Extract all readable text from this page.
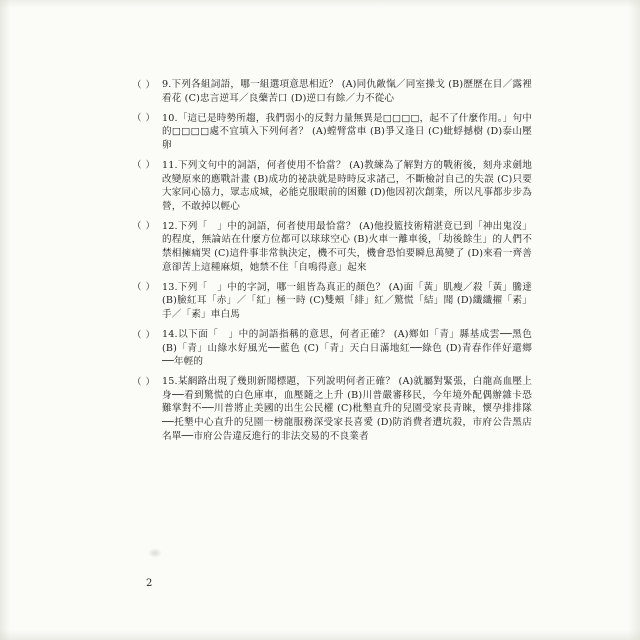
（ ） 9.下列各組詞語，哪一組選項意思相近？ (A)同仇敵愾／同室操戈 (B)歷歷在目／露裡看花 (C)忠言逆耳／良藥苦口 (D)逆口有餘／力不從心
（ ） 10.「這已是時勢所趨，我們弱小的反對力量無異是□□□□，起不了什麼作用。」句中的□□□□處不宜填入下列何者？ (A)螳臂當車 (B)爭又逢日 (C)蚍蜉撼樹 (D)泰山壓卵
（ ） 11.下列文句中的詞語，何者使用不恰當？ (A)教練為了解對方的戰術後，刻舟求劍地改變原來的應戰計畫 (B)成功的祕訣就是時時反求諸己，不斷檢討自己的失誤 (C)只要大家同心協力，眾志成城，必能克服眼前的困難 (D)他因初次創業，所以凡事都步步為營，不敢掉以輕心
（ ） 12.下列「　」中的詞語，何者使用最恰當？ (A)他投籃技術精湛竟已到「神出鬼沒」的程度，無論站在什麼方位都可以球球空心 (B)火車一離車後，「劫後餘生」的人們不禁相擁痛哭 (C)這件事非常執決定，機不可失，機會恐怕要瞬息萬變了 (D)來看一齊善意卻苦上這種麻煩，她禁不住「自鳴得意」起來
（ ） 13.下列「　」中的字詞，哪一組皆為真正的顏色？ (A)面「黃」肌瘦／殺「黃」騰達 (B)臉紅耳「赤」／「紅」極一時 (C)雙頰「緋」紅／驚慌「結」聞 (D)纖纖擢「素」手／「素」車白馬
（ ） 14.以下面「　」中的詞語指稱的意思，何者正確？ (A)鄉如「青」縣基成雲──黑色 (B)「青」山綠水好風光──藍色 (C)「青」天白日滿地紅──綠色 (D)青春作伴好還鄉──年輕的
（ ） 15.某網路出現了幾則新聞標題，下列說明何者正確？ (A)就屬對緊張，白龍高血壓上身──看到驚慌的白色庫車，血壓隨之上升 (B)川普嚴審移民，今年境外配偶辦雜卡恐難掌對不──川普將止美國的出生公民權 (C)枇墾直升的兒園受家長青睞，懷孕排排隊──托墾中心直升的兒園一榜龍服務深受家長喜愛 (D)防消費者遭坑殺，市府公告黑店名單──市府公告違反進行的非法交易的不良業者
2
